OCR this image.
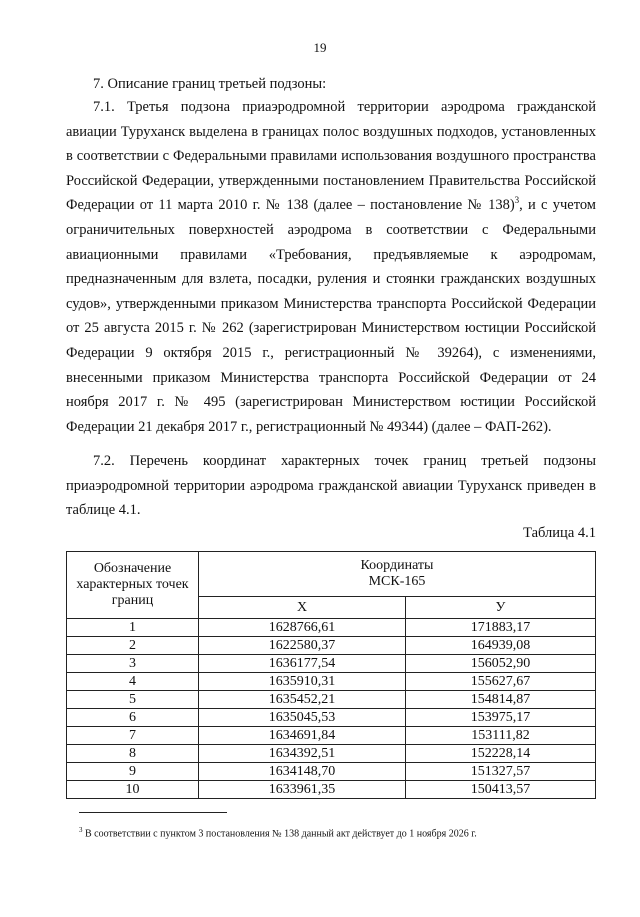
19
7. Описание границ третьей подзоны:

7.1. Третья подзона приаэродромной территории аэродрома гражданской авиации Туруханск выделена в границах полос воздушных подходов, установленных в соответствии с Федеральными правилами использования воздушного пространства Российской Федерации, утвержденными постановлением Правительства Российской Федерации от 11 марта 2010 г. № 138 (далее – постановление № 138)$^3$, и с учетом ограничительных поверхностей аэродрома в соответствии с Федеральными авиационными правилами «Требования, предъявляемые к аэродромам, предназначенным для взлета, посадки, руления и стоянки гражданских воздушных судов», утвержденными приказом Министерства транспорта Российской Федерации от 25 августа 2015 г. № 262 (зарегистрирован Министерством юстиции Российской Федерации 9 октября 2015 г., регистрационный № 39264), с изменениями, внесенными приказом Министерства транспорта Российской Федерации от 24 ноября 2017 г. № 495 (зарегистрирован Министерством юстиции Российской Федерации 21 декабря 2017 г., регистрационный № 49344) (далее – ФАП-262).

7.2. Перечень координат характерных точек границ третьей подзоны приаэродромной территории аэродрома гражданской авиации Туруханск приведен в таблице 4.1.

Таблица 4.1
Обозначение характерных точек границ	Координаты
МСК-165	

	X	У
1	1628766,61	171883,17
2	1622580,37	164939,08
3	1636177,54	156052,90
4	1635910,31	155627,67
5	1635452,21	154814,87
6	1635045,53	153975,17
7	1634691,84	153111,82
8	1634392,51	152228,14
9	1634148,70	151327,57
10	1633961,35	150413,57
$^3$ В соответствии с пунктом 3 постановления № 138 данный акт действует до 1 ноября 2026 г.
